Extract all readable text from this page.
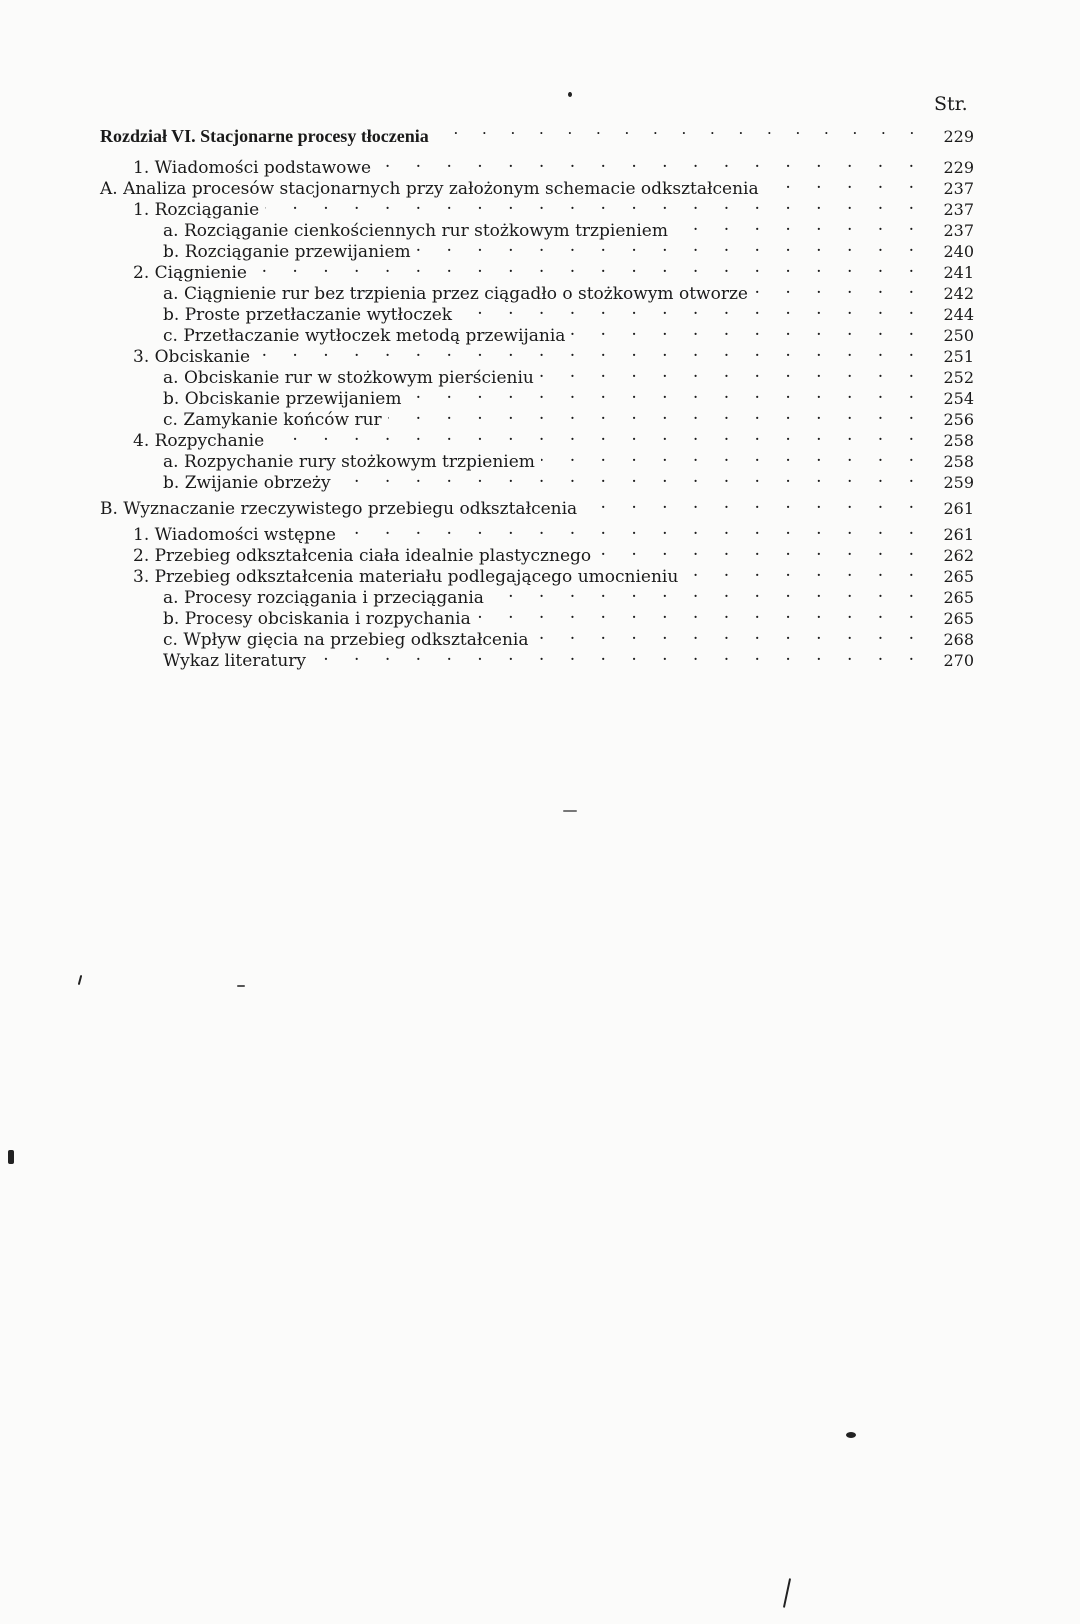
Str.
Rozdział VI. Stacjonarne procesy tłoczenia . . .	229
1. Wiadomości podstawowe . . .	229
A. Analiza procesów stacjonarnych przy założonym schemacie odkształcenia . . .	237
1. Rozciąganie . . .	237
a. Rozciąganie cienkościennych rur stożkowym trzpieniem . . .	237
b. Rozciąganie przewijaniem . . .	240
2. Ciągnienie . . .	241
a. Ciągnienie rur bez trzpienia przez ciągadło o stożkowym otworze . . .	242
b. Proste przetłaczanie wytłoczek . . .	244
c. Przetłaczanie wytłoczek metodą przewijania . . .	250
3. Obciskanie . . .	251
a. Obciskanie rur w stożkowym pierścieniu . . .	252
b. Obciskanie przewijaniem . . .	254
c. Zamykanie końców rur . . .	256
4. Rozpychanie . . .	258
a. Rozpychanie rury stożkowym trzpieniem . . .	258
b. Zwijanie obrzeży . . .	259
B. Wyznaczanie rzeczywistego przebiegu odkształcenia . . .	261
1. Wiadomości wstępne . . .	261
2. Przebieg odkształcenia ciała idealnie plastycznego . . .	262
3. Przebieg odkształcenia materiału podlegającego umocnieniu . . .	265
a. Procesy rozciągania i przeciągania . . .	265
b. Procesy obciskania i rozpychania . . .	265
c. Wpływ gięcia na przebieg odkształcenia . . .	268
Wykaz literatury . . .	270
